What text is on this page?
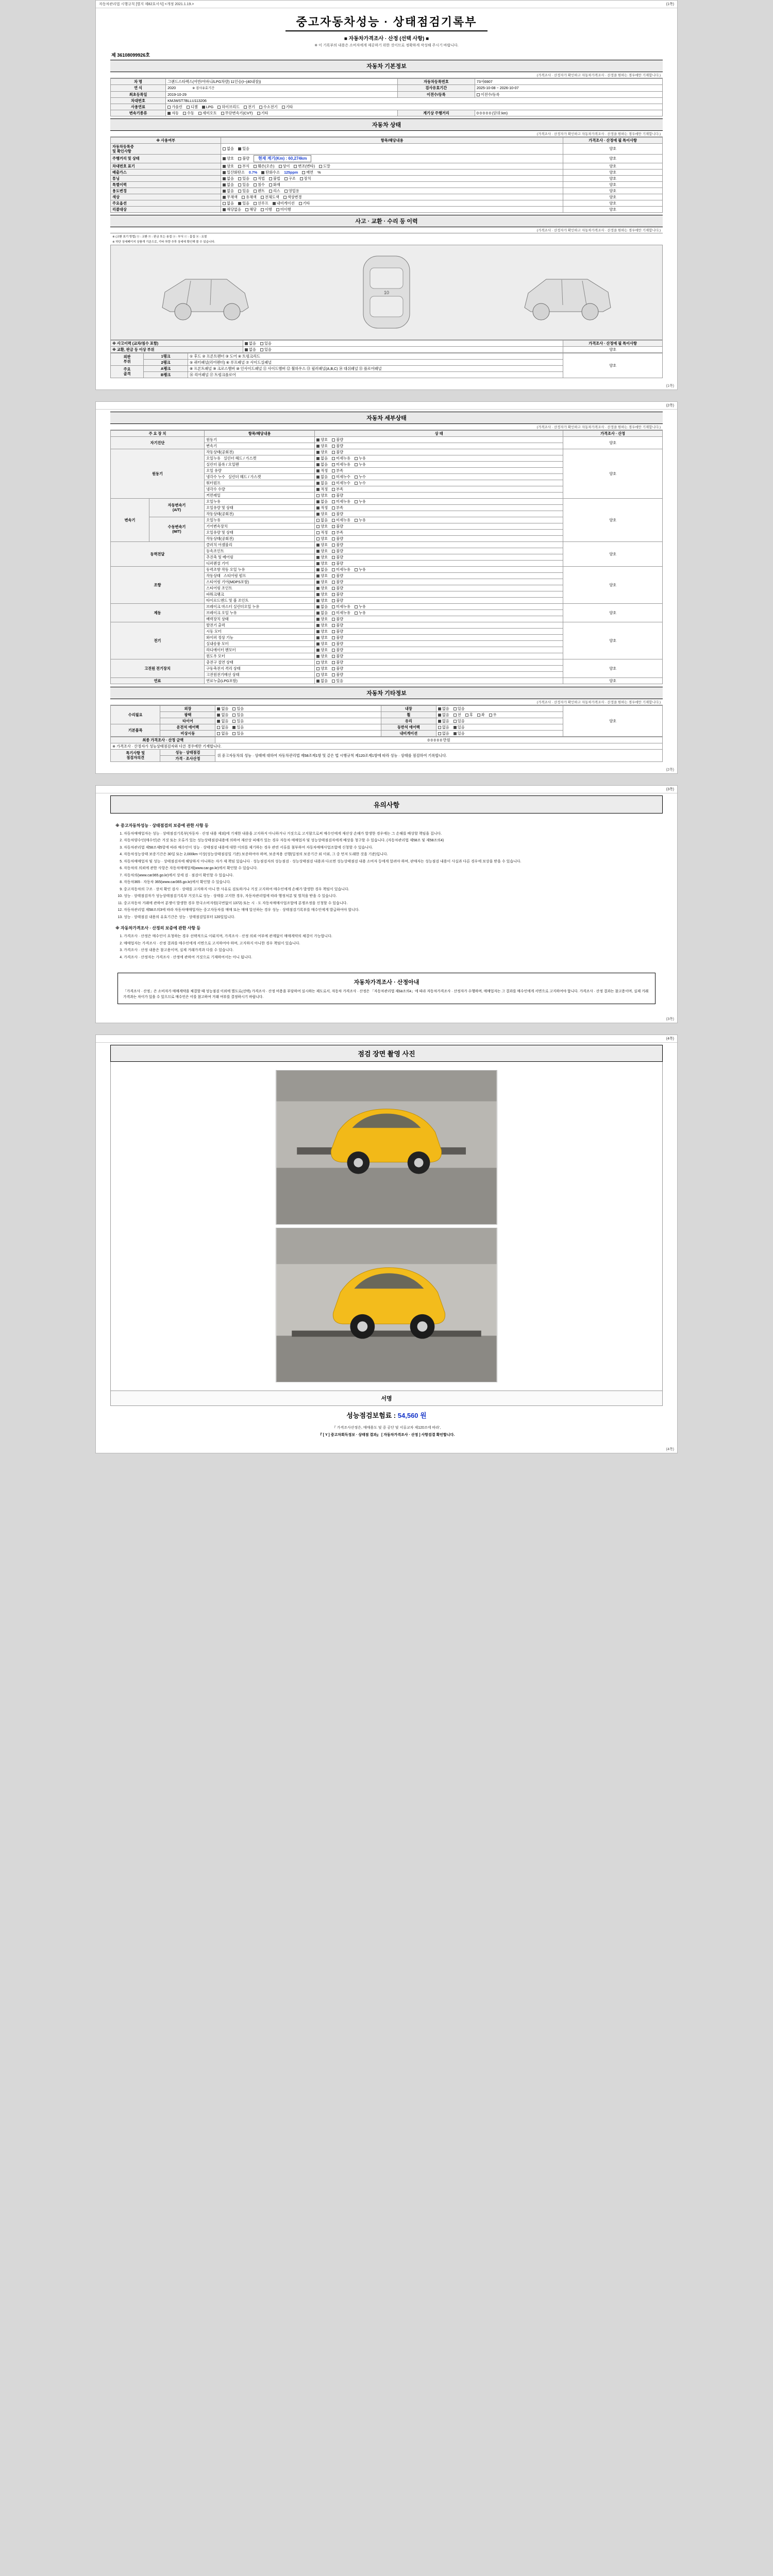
자동차관리법 시행규칙 [별지 제82호서식] <개정 2021.1.19.>	(1쪽)
중고자동차성능 · 상태점검기록부
■ 자동차가격조사 · 산정 (선택 사항) ■
※ 이 기록부의 내용은 소비자에게 제공하기 위한 것이므로 정확하게 작성해 주시기 바랍니다.
제 36108099926호
자동차 기본정보
(가격조사 · 산정자가 확인하고 자동차가격조사 · 산정을 원하는 경우에만 기재합니다.)
차 명	그랜드스타렉스(어반/어바니/LPG차량) 11인승(I~(40내장))	자동차등록번호	73서6907
연 식	2020 ※ 검사유효기간	검사유효기간	2025-10-08 ~ 2026-10-07
최초등록일	2019-10-29	이전수/등록	이전수/등록
차대번호	KMJWST7BLLU113206		
사용연료	가솔린 디젤 LPG 하이브리드 전기 수소전기 기타		
변속기종류	자동 수동 세미오토 무단변속기(CVT) 기타	계기상 주행거리	0 0 0 0 0 (단위:km)
자동차 상태
(가격조사 · 산정자가 확인하고 자동차가격조사 · 산정을 원하는 경우에만 기재합니다.)
※ 사용여부	항목/해당내용	가격조사 · 산정에 필 특이사항
자동차등록증
및 확인사항	없음 있음	양호
주행거리 및 상태	양호 불량 현재 계기(Km) : 60,274km	양호
차대번호 표기	양호 부식 훼손(오손) 상이 변조(변타) 도말	양호
배출가스	일산화탄소 0.7% 탄화수소 125ppm 매연 %	양호
튜닝	없음 있음 적법 불법 구조 장치	양호
특별이력	없음 있음 침수 화재	양호
용도변경	없음 있음 렌트 리스 영업용	양호
색상	무채색 유채색 전체도색 색상변경	양호
주요옵션	없음 있음 선루프 내비게이션 기타	양호
리콜대상	해당없음 해당 이행 미이행	양호
사고 · 교환 · 수리 등 이력
(가격조사 · 산정자가 확인하고 자동차가격조사 · 산정을 원하는 경우에만 기재합니다.)
※ (교환 표기 방법) ⓧ : 교환 ⓦ : 판금 또는 용접 ⓐ : 부식 ⓒ : 흠집 ⓤ : 요철
※ 하단 상세페이지 상품개 기준으로, 기타 차량 추후 상세에 확인해 볼 수 있습니다.
10
※ 사고이력 (교차/침수 포함)	없음 있음	가격조사 · 산정에 필 특이사항
※ 교환, 판금 등 이상 부위	없음 있음	양호
외판
부위	1랭크	① 후드 ② 프론트펜더 ③ 도어 ④ 트렁크리드	양호
	2랭크	⑤ 쿼터패널(리어펜더) ⑥ 루프패널 ⑦ 사이드실패널	
주요
골격	A랭크	⑧ 프론트패널 ⑨ 크로스맴버 ⑩ 인사이드패널 ⑪ 사이드맴버 ⑫ 휠하우스 ⑬ 필러패널(A,B,C) ⑭ 대쉬패널 ⑮ 플로어패널	
	B랭크	⑯ 리어패널 ⑰ 트렁크플로어	
(1쪽)
(2쪽)
자동차 세부상태
(가격조사 · 산정자가 확인하고 자동차가격조사 · 산정을 원하는 경우에만 기재합니다.)
주 요 장 치		항목/해당내용	상 태	가격조사 · 산정
자기진단		원동기	양호 불량	양호
		변속기	양호 불량	
원동기		작동상태(공회전)	양호 불량	양호
		오일누유   실린더 헤드 / 가스켓	없음 미세누유 누유	
		실린더 블록 / 오일팬	없음 미세누유 누유	
		오일 유량	적정 부족	
		냉각수 누수   실린더 헤드 / 가스켓	없음 미세누수 누수	
		워터펌프	없음 미세누수 누수	
		냉각수 수량	적정 부족	
		커먼레일	양호 불량	
변속기	자동변속기
(A/T)	오일누유	없음 미세누유 누유	양호
		오일유량 및 상태	적정 부족	
		작동상태(공회전)	양호 불량	
	수동변속기
(M/T)	오일누유	없음 미세누유 누유	
		기어변속장치	양호 불량	
		오일유량 및 상태	적정 부족	
		작동상태(공회전)	양호 불량	
동력전달		클러치 어셈블리	양호 불량	양호
		등속조인트	양호 불량	
		추진축 및 베어링	양호 불량	
		디퍼렌셜 기어	양호 불량	
조향		동력조향 작동 오일 누유	없음 미세누유 누유	양호
		작동상태   스티어링 펌프	양호 불량	
		스티어링 기어(MDPS포함)	양호 불량	
		스티어링 조인트	양호 불량	
		파워크랭크	양호 불량	
		타이로드엔드 및 볼 조인트	양호 불량	
제동		브레이크 마스터 실린더오일 누유	없음 미세누유 누유	양호
		브레이크 오일 누유	없음 미세누유 누유	
		배력장치 상태	양호 불량	
전기		발전기 출력	양호 불량	양호
		시동 모터	양호 불량	
		와이퍼 정상 기능	양호 불량	
		실내송풍 모터	양호 불량	
		라디에이터 팬모터	양호 불량	
		윈도우 모터	양호 불량	
고전원 전기장치		충전구 절연 상태	양호 불량	양호
		구동축전지 격리 상태	양호 불량	
		고전원전기배선 상태	양호 불량	
연료		연료누출(LPG포함)	없음 있음	양호
자동차 기타정보
(가격조사 · 산정자가 확인하고 자동차가격조사 · 산정을 원하는 경우에만 기재합니다.)
수리필요	외장	없음 있음	내장	없음 있음	양호
	광택	없음 있음	휠	없음 전 후 좌 우	
	타이어	없음 있음	유리	없음 있음	
기본품목	운전석 에어백	없음 있음	동반석 에어백	없음 있음	
	비상시동	없음 있음	내비게이션	없음 있음	
최종 가격조사 · 산정 금액		0 0 0 0 0 만원
※ 가격조사 · 산정자가 성능상태점검자와 다른 경우에만 기재합니다.		
특기사항 및
점검자의견	성능 · 상태점검	위 중고자동차의 성능 · 상태에 대하여 자동차관리법 제58조제1항 및 같은 법 시행규칙 제120조제1항에 따라 성능 · 상태를 점검하여 기록합니다.
	가격 · 조사산정	
(2쪽)
(3쪽)
유의사항
※ 중고자동차성능 · 상태점검의 보증에 관한 사항 등
1. 자동차매매업자는 성능 · 상태점검기록부(자동차 · 산정 내용 제외)에 기재한 내용을 고지하지 아니하거나 거짓으로 고지함으로써 매수인에게 재산상 손해가 발생한 경우에는 그 손해를 배상할 책임을 집니다.
2. 자동차양수인(매수인)은 거짓 또는 오류가 있는 성능상태점검내용에 의하여 재산상 피해가 있는 경우 자동차 매매업자 및 성능상태점검자에게 배상을 청구할 수 있습니다. (자동차관리법 제58조 및 제58조의4)
3. 자동차관리법 제58조제5항에 따라 매수인이 성능 · 상태점검 내용에 대한 이의를 제기하는 경우 관련 서류를 첨부하여 자동차매매사업조합에 신청할 수 있습니다.
4. 자동차성능상태 보증기간은 30일 또는 2,000km 이상(성능상태점검일 기준) 보증하여야 하며, 보증적용 선행(일정의 보증기간 외 이외, 그 중 먼저 도래한 것을 기준)입니다.
5. 자동차매매업자 및 성능 · 상태점검자에 해당하지 아니하는 자가 제 책임 있습니다 · 성능점검자의 성능점검 · 성능상태점검 내용과 다르면 성능상태점검 내용 소비자 등에게 알려야 하며, 판매자는 성능점검 내용이 사실과 다른 경우에 보상을 받을 수 있습니다.
6. 자동차의 의뢰에 관한 사항은 자동차매매업체(www.car.go.kr)에서 확인할 수 있습니다.
7. 자동차의(www.car365.go.kr)에서 상세 검 · 점검이 확인할 수 있습니다.
8. 자동차365 · 자동차 365(www.car365.go.kr)에서 확인할 수 있습니다.
9. 중고자동차의 구조 · 장치 확인 검사 · 상태를 고지하지 아니 한 사유로 검토하거나 거짓 고지하여 매수인에게 손해가 발생한 경우 책임이 있습니다.
10. 성능 · 상태점검자가 성능상태점검기록부 거짓으로 성능 · 상태를 고지한 경우, 자동차관리법에 따라 행정처분 및 벌칙을 받을 수 있습니다.
11. 중고자동차 거래에 관하여 분쟁이 발생한 경우 한국소비자원(국번없이 1372) 또는 시 · 도 자동차매매사업조합에 분쟁조정을 신청할 수 있습니다.
12. 자동차관리법 제58조의3에 따라 자동차매매업자는 중고자동차를 매매 또는 매매 알선하는 경우 성능 · 상태점검기록부를 매수인에게 발급하여야 합니다.
13. 성능 · 상태점검 내용의 유효기간은 성능 · 상태점검일부터 120일입니다.
※ 자동차가격조사 · 산정의 보증에 관한 사항 등
1. 가격조사 · 산정은 매수인이 요청하는 경우 선택적으로 이뤄지며, 가격조사 · 산정 의뢰 여부에 관계없이 매매계약의 체결이 가능합니다.
2. 매매업자는 가격조사 · 산정 결과를 매수인에게 서면으로 고지하여야 하며, 고지하지 아니한 경우 책임이 있습니다.
3. 가격조사 · 산정 내용은 참고용이며, 실제 거래가격과 다를 수 있습니다.
4. 가격조사 · 산정자는 가격조사 · 산정에 관하여 거짓으로 기재하여서는 아니 됩니다.
자동차가격조사 · 산정아내
「가격조사 · 산정」은 소비자가 매매계약을 체결할 때 성능점검 이외에 별도로(선택) 가격조사 · 산정 비용을 부담하여 실시하는 제도로서, 자동차 가격조사 · 산정은 「자동차관리법 제58조의4」에 따라 자동차가격조사 · 산정자가 수행하며, 매매업자는 그 결과를 매수인에게 서면으로 고지하여야 합니다. 가격조사 · 산정 결과는 참고용이며, 실제 거래가격과는 차이가 있을 수 있으므로 매수인은 이를 참고하여 거래 여부를 결정하시기 바랍니다.
(3쪽)
(4쪽)
점검 장면 촬영 사진
서명
성능점검보험료 : 54,560 원
『 가격조사산정은, 매매용도 및 중 공단 및 서류교차 제120조에 따라',
『 [ Y ] 중고차회득정보 · 상태점 결과』 [ 자동차가격조사 · 산정 ] 사항검결 확인합니다.
(4쪽)
